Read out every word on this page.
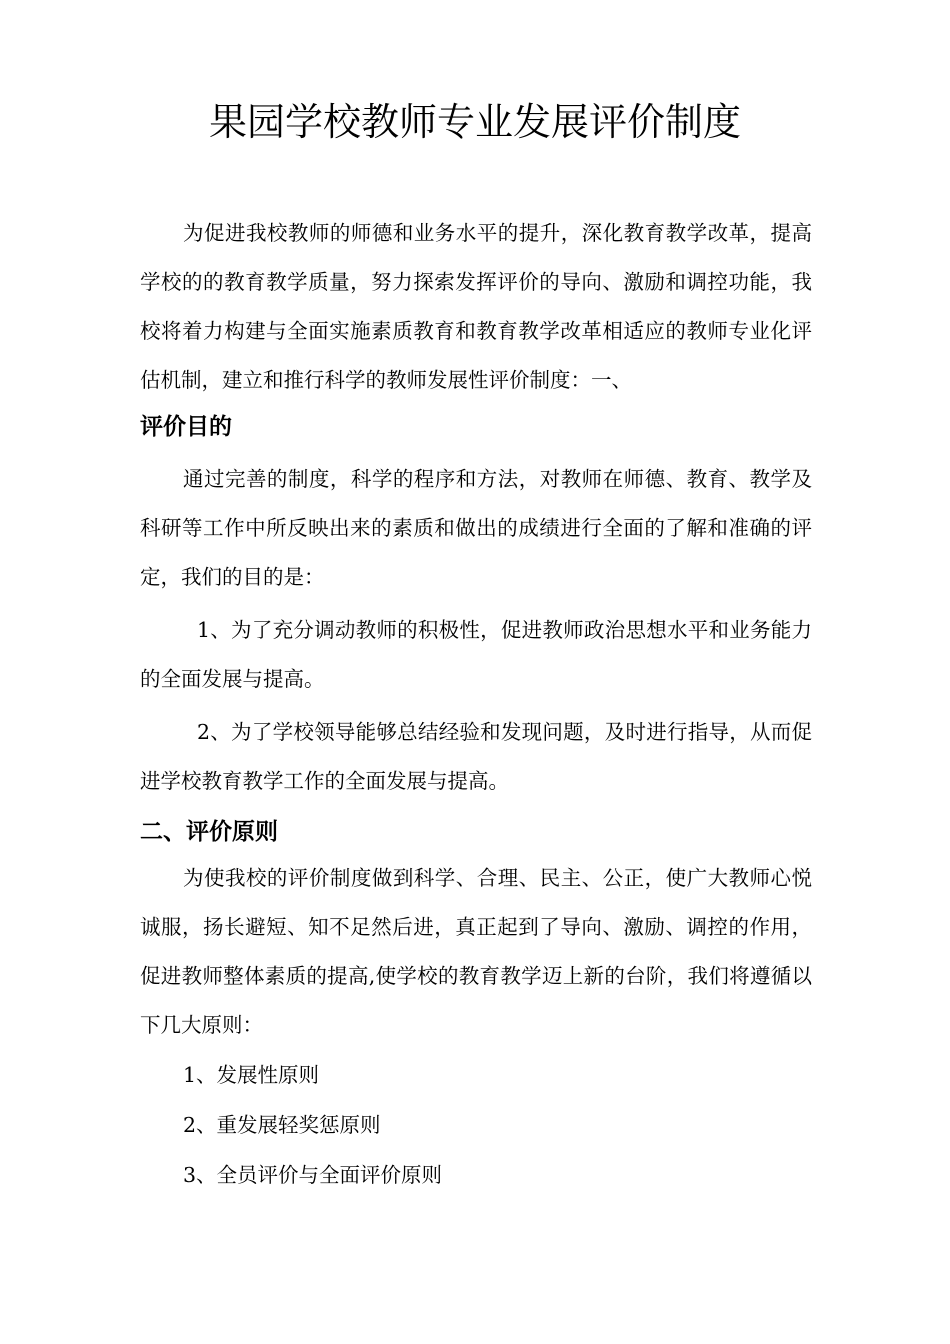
果园学校教师专业发展评价制度

为促进我校教师的师德和业务水平的提升，深化教育教学改革，提高学校的的教育教学质量，努力探索发挥评价的导向、激励和调控功能，我校将着力构建与全面实施素质教育和教育教学改革相适应的教师专业化评估机制，建立和推行科学的教师发展性评价制度：一、

评价目的

通过完善的制度，科学的程序和方法，对教师在师德、教育、教学及科研等工作中所反映出来的素质和做出的成绩进行全面的了解和准确的评定，我们的目的是：

1、为了充分调动教师的积极性，促进教师政治思想水平和业务能力的全面发展与提高。

2、为了学校领导能够总结经验和发现问题，及时进行指导，从而促进学校教育教学工作的全面发展与提高。

二、评价原则

为使我校的评价制度做到科学、合理、民主、公正，使广大教师心悦诚服，扬长避短、知不足然后进，真正起到了导向、激励、调控的作用，促进教师整体素质的提高,使学校的教育教学迈上新的台阶，我们将遵循以下几大原则：

1、发展性原则

2、重发展轻奖惩原则

3、全员评价与全面评价原则
